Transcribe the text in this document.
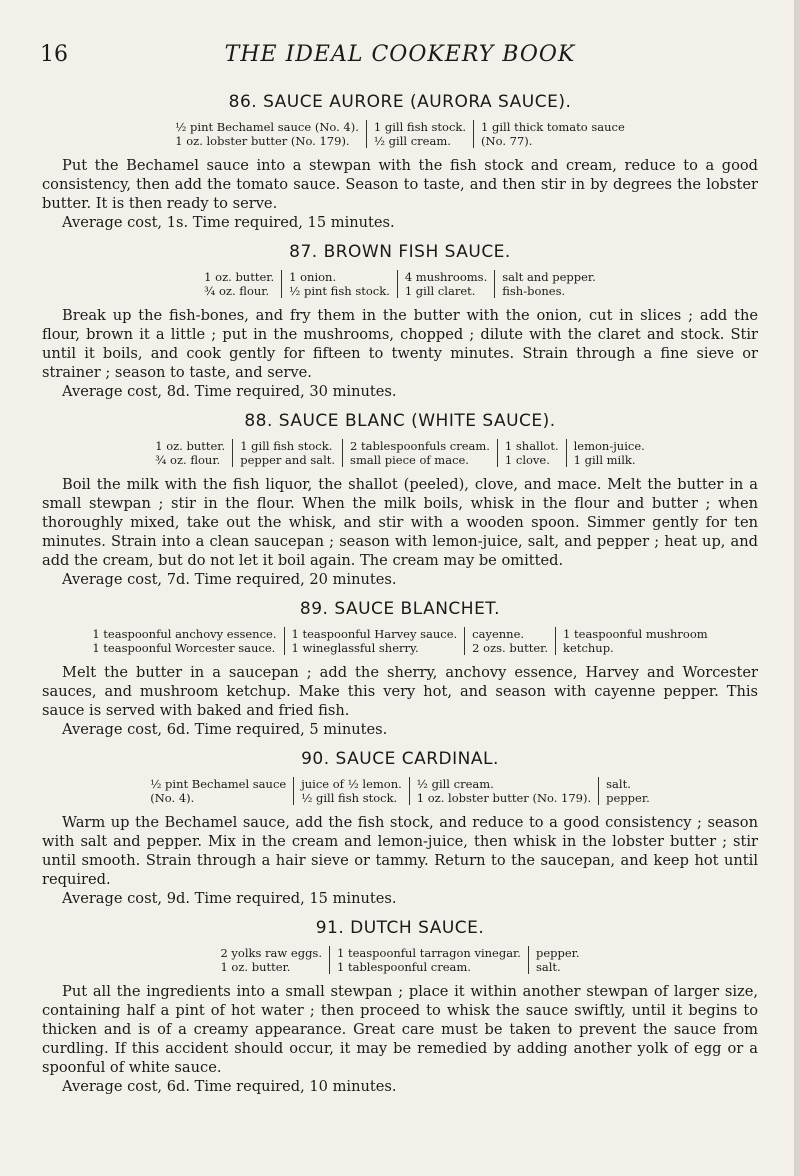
16	THE IDEAL COOKERY BOOK
86. SAUCE AURORE (AURORA SAUCE).
½ pint Bechamel sauce (No. 4).
1 oz. lobster butter (No. 179).
1 gill fish stock.
½ gill cream.
1 gill thick tomato sauce
(No. 77).

Put the Bechamel sauce into a stewpan with the fish stock and cream, reduce to a good consistency, then add the tomato sauce. Season to taste, and then stir in by degrees the lobster butter. It is then ready to serve.

Average cost, 1s. Time required, 15 minutes.

87. BROWN FISH SAUCE.
1 oz. butter.
¾ oz. flour.
1 onion.
½ pint fish stock.
4 mushrooms.
1 gill claret.
salt and pepper.
fish-bones.

Break up the fish-bones, and fry them in the butter with the onion, cut in slices ; add the flour, brown it a little ; put in the mushrooms, chopped ; dilute with the claret and stock. Stir until it boils, and cook gently for fifteen to twenty minutes. Strain through a fine sieve or strainer ; season to taste, and serve.

Average cost, 8d. Time required, 30 minutes.

88. SAUCE BLANC (WHITE SAUCE).
1 oz. butter.
¾ oz. flour.
1 gill fish stock.
pepper and salt.
2 tablespoonfuls cream.
small piece of mace.
1 shallot.
1 clove.
lemon-juice.
1 gill milk.

Boil the milk with the fish liquor, the shallot (peeled), clove, and mace. Melt the butter in a small stewpan ; stir in the flour. When the milk boils, whisk in the flour and butter ; when thoroughly mixed, take out the whisk, and stir with a wooden spoon. Simmer gently for ten minutes. Strain into a clean saucepan ; season with lemon-juice, salt, and pepper ; heat up, and add the cream, but do not let it boil again. The cream may be omitted.

Average cost, 7d. Time required, 20 minutes.

89. SAUCE BLANCHET.
1 teaspoonful anchovy essence.
1 teaspoonful Worcester sauce.
1 teaspoonful Harvey sauce.
1 wineglassful sherry.
cayenne.
2 ozs. butter.
1 teaspoonful mushroom
ketchup.

Melt the butter in a saucepan ; add the sherry, anchovy essence, Harvey and Worcester sauces, and mushroom ketchup. Make this very hot, and season with cayenne pepper. This sauce is served with baked and fried fish.

Average cost, 6d. Time required, 5 minutes.

90. SAUCE CARDINAL.
½ pint Bechamel sauce
(No. 4).
juice of ½ lemon.
½ gill fish stock.
½ gill cream.
1 oz. lobster butter (No. 179).
salt.
pepper.

Warm up the Bechamel sauce, add the fish stock, and reduce to a good consistency ; season with salt and pepper. Mix in the cream and lemon-juice, then whisk in the lobster butter ; stir until smooth. Strain through a hair sieve or tammy. Return to the saucepan, and keep hot until required.

Average cost, 9d. Time required, 15 minutes.

91. DUTCH SAUCE.
2 yolks raw eggs.
1 oz. butter.
1 teaspoonful tarragon vinegar.
1 tablespoonful cream.
pepper.
salt.

Put all the ingredients into a small stewpan ; place it within another stewpan of larger size, containing half a pint of hot water ; then proceed to whisk the sauce swiftly, until it begins to thicken and is of a creamy appearance. Great care must be taken to prevent the sauce from curdling. If this accident should occur, it may be remedied by adding another yolk of egg or a spoonful of white sauce.

Average cost, 6d. Time required, 10 minutes.
